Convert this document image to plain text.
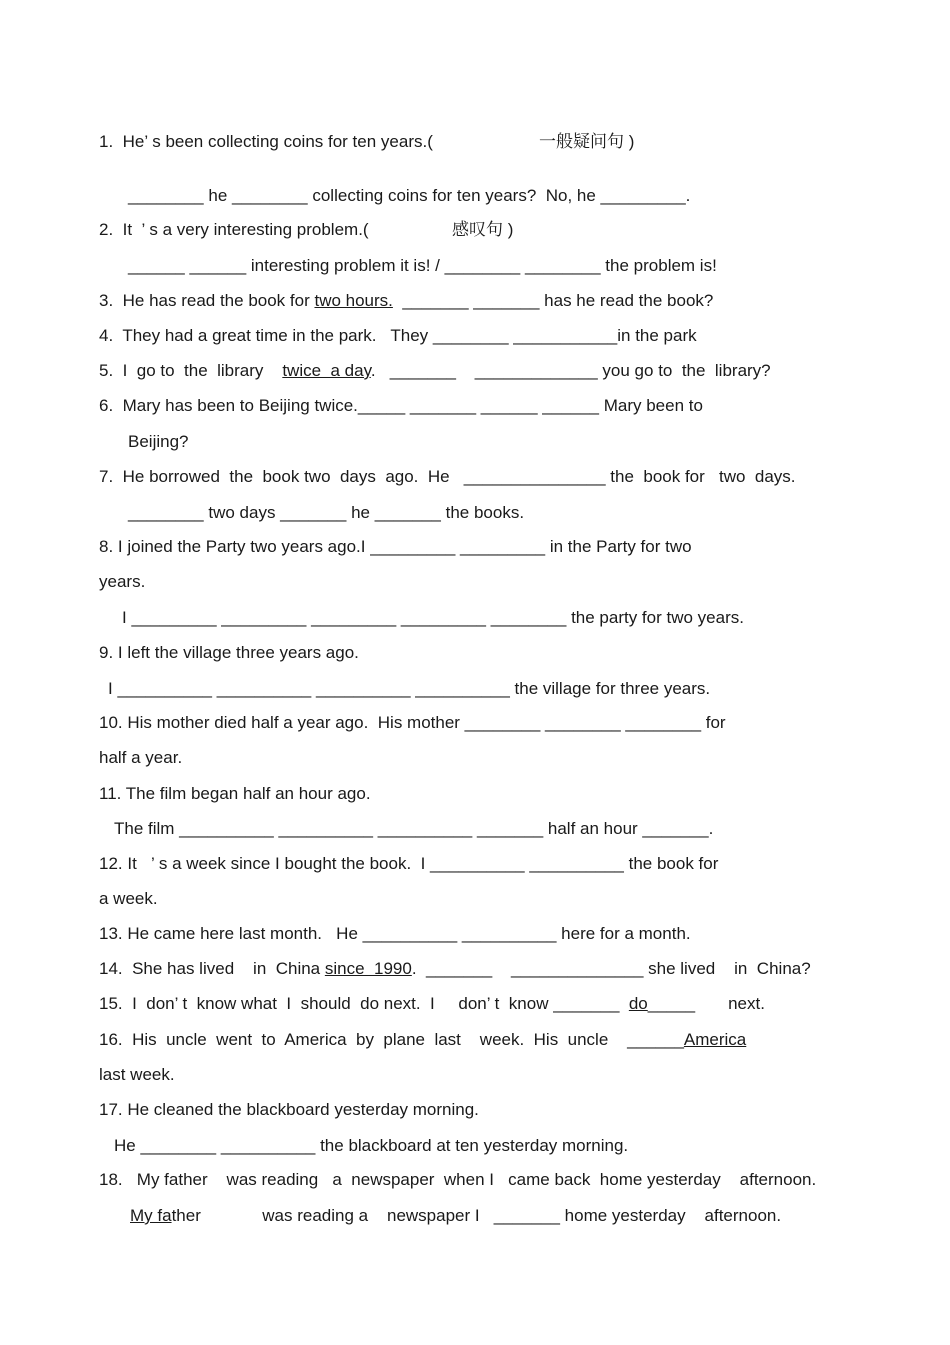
1.  He’ s been collecting coins for ten years.(	一般疑问句 )
________ he ________ collecting coins for ten years?  No, he _________.
2.  It  ’ s a very interesting problem.(	感叹句 )
______ ______ interesting problem it is! / ________ ________ the problem is!
3.  He has read the book for two hours.  _______ _______ has he read the book?
4.  They had a great time in the park.   They ________ ___________in the park
5.  I  go to  the  library    twice  a day.   _______    _____________ you go to  the  library?
6.  Mary has been to Beijing twice._____ _______ ______ ______ Mary been to
Beijing?
7.  He borrowed  the  book two  days  ago.  He   _______________ the  book for   two  days.
________ two days _______ he _______ the books.
8. I joined the Party two years ago.I _________ _________ in the Party for two
years.
I _________ _________ _________ _________ ________ the party for two years.
9. I left the village three years ago.
I __________ __________ __________ __________ the village for three years.
10. His mother died half a year ago.  His mother ________ ________ ________ for
half a year.
11. The film began half an hour ago.
The film __________ __________ __________ _______ half an hour _______.
12. It   ’ s a week since I bought the book.  I __________ __________ the book for
a week.
13. He came here last month.   He __________ __________ here for a month.
14.  She has lived    in  China since  1990.  _______    ______________ she lived    in  China?
15.  I  don’ t  know what  I  should  do next.  I     don’ t  know _______  do_____       next.
16.  His  uncle  went  to  America  by  plane  last    week.  His  uncle    ______America
last week.
17. He cleaned the blackboard yesterday morning.
He ________ __________ the blackboard at ten yesterday morning.
18.   My father    was reading   a  newspaper  when I   came back  home yesterday    afternoon.
My father             was reading a    newspaper I   _______ home yesterday    afternoon.
